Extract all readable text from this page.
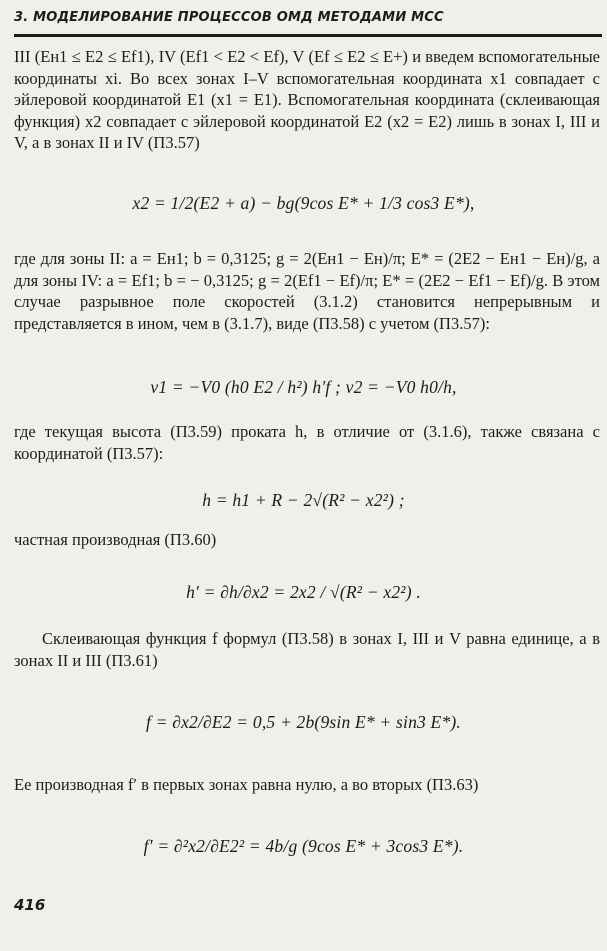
3. МОДЕЛИРОВАНИЕ ПРОЦЕССОВ ОМД МЕТОДАМИ МСС
III (Eн1 ≤ E2 ≤ Ef1), IV (Ef1 < E2 < Ef), V (Ef ≤ E2 ≤ E+) и введем вспомогательные координаты xi. Во всех зонах I–V вспомогательная координата x1 совпадает с эйлеровой координатой E1 (x1 = E1). Вспомогательная координата (склеивающая функция) x2 совпадает с эйлеровой координатой E2 (x2 = E2) лишь в зонах I, III и V, а в зонах II и IV (П3.57)
x2 = 1/2(E2 + a) − bg(9cos E* + 1/3 cos3 E*),
где для зоны II: a = Eн1; b = 0,3125; g = 2(Eн1 − Eн)/π; E* = (2E2 − Eн1 − Eн)/g, а для зоны IV: a = Ef1; b = − 0,3125; g = 2(Ef1 − Ef)/π; E* = (2E2 − Ef1 − Ef)/g. В этом случае разрывное поле скоростей (3.1.2) становится непрерывным и представляется в ином, чем в (3.1.7), виде (П3.58) с учетом (П3.57):
v1 = −V0 (h0 E2 / h²) h′f ; v2 = −V0 h0/h,
где текущая высота (П3.59) проката h, в отличие от (3.1.6), также связана с координатой (П3.57):
h = h1 + R − 2√(R² − x2²) ;
частная производная (П3.60)
h′ = ∂h/∂x2 = 2x2 / √(R² − x2²) .
Склеивающая функция f формул (П3.58) в зонах I, III и V равна единице, а в зонах II и III (П3.61)
f = ∂x2/∂E2 = 0,5 + 2b(9sin E* + sin3 E*).
Ее производная f′ в первых зонах равна нулю, а во вторых (П3.63)
f′ = ∂²x2/∂E2² = 4b/g (9cos E* + 3cos3 E*).
416
